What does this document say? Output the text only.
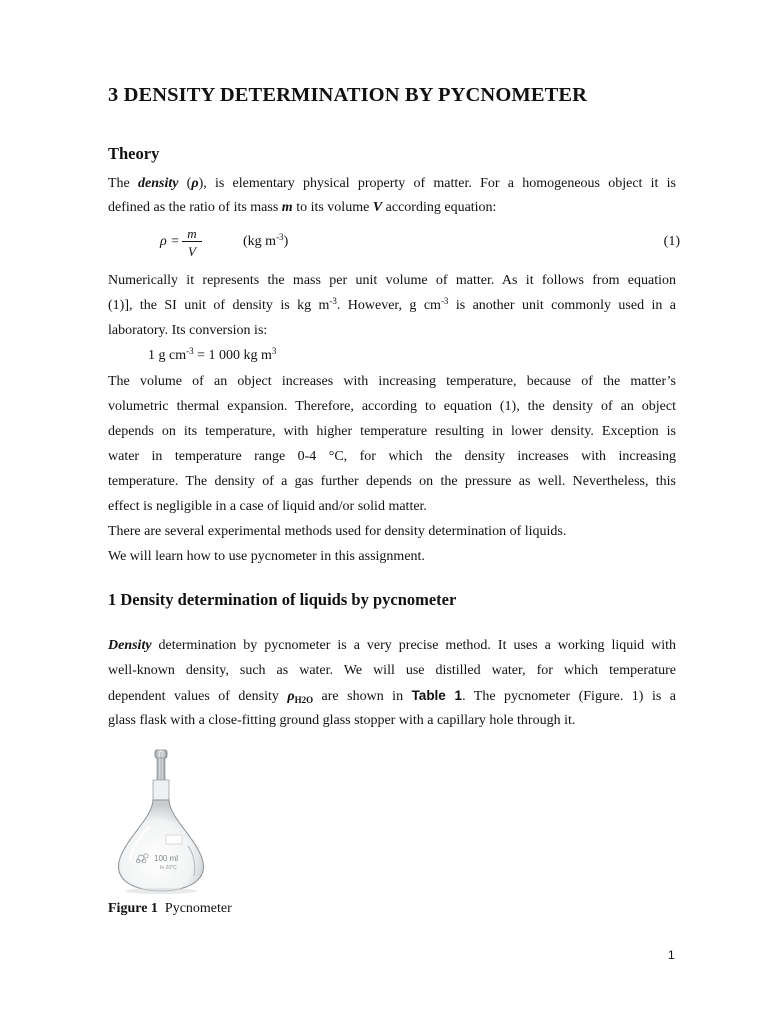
3 DENSITY DETERMINATION BY PYCNOMETER
Theory
The density (ρ), is elementary physical property of matter. For a homogeneous object it is
defined as the ratio of its mass m to its volume V according equation:
ρ =
m
V
(kg $m^{-3}$)	(1)
Numerically it represents the mass per unit volume of matter. As it follows from equation
(1)], the SI unit of density is kg $m^{-3}$. However, g $cm^{-3}$ is another unit commonly used in a
laboratory. Its conversion is:
1 g $cm^{-3} = 1$ 000 kg $m^3$
The volume of an object increases with increasing temperature, because of the matter’s
volumetric thermal expansion. Therefore, according to equation (1), the density of an object
depends on its temperature, with higher temperature resulting in lower density. Exception is
water in temperature range 0-4 °C, for which the density increases with increasing
temperature. The density of a gas further depends on the pressure as well. Nevertheless, this
effect is negligible in a case of liquid and/or solid matter.
There are several experimental methods used for density determination of liquids.
We will learn how to use pycnometer in this assignment.
1 Density determination of liquids by pycnometer
Density determination by pycnometer is a very precise method. It uses a working liquid with
well-known density, such as water. We will use distilled water, for which temperature
dependent values of density $\rho_{H2O}$ are shown in Table 1. The pycnometer (Figure. 1) is a
glass flask with a close-fitting ground glass stopper with a capillary hole through it.
100 ml
In 20°C
Figure 1 Pycnometer
1
